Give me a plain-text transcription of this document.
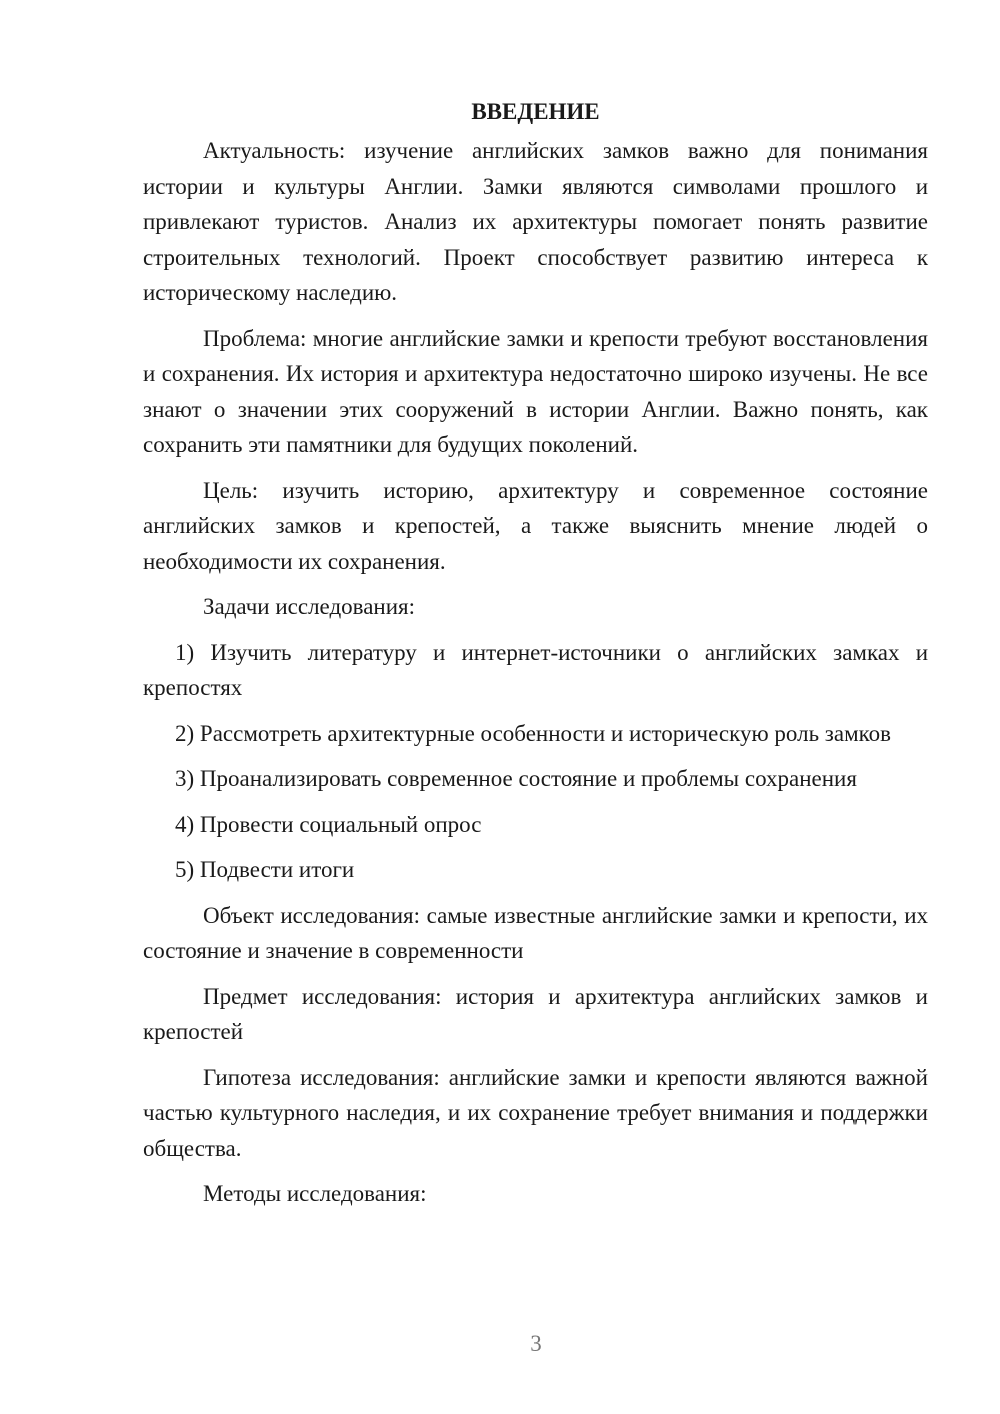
ВВЕДЕНИЕ

Актуальность: изучение английских замков важно для понимания истории и культуры Англии. Замки являются символами прошлого и привлекают туристов. Анализ их архитектуры помогает понять развитие строительных технологий. Проект способствует развитию интереса к историческому наследию.

Проблема: многие английские замки и крепости требуют восстановления и сохранения. Их история и архитектура недостаточно широко изучены. Не все знают о значении этих сооружений в истории Англии. Важно понять, как сохранить эти памятники для будущих поколений.

Цель: изучить историю, архитектуру и современное состояние английских замков и крепостей, а также выяснить мнение людей о необходимости их сохранения.

Задачи исследования:

1) Изучить литературу и интернет-источники о английских замках и крепостях

2) Рассмотреть архитектурные особенности и историческую роль замков

3) Проанализировать современное состояние и проблемы сохранения

4) Провести социальный опрос

5) Подвести итоги

Объект исследования: самые известные английские замки и крепости, их состояние и значение в современности

Предмет исследования: история и архитектура английских замков и крепостей

Гипотеза исследования: английские замки и крепости являются важной частью культурного наследия, и их сохранение требует внимания и поддержки общества.

Методы исследования:

3
